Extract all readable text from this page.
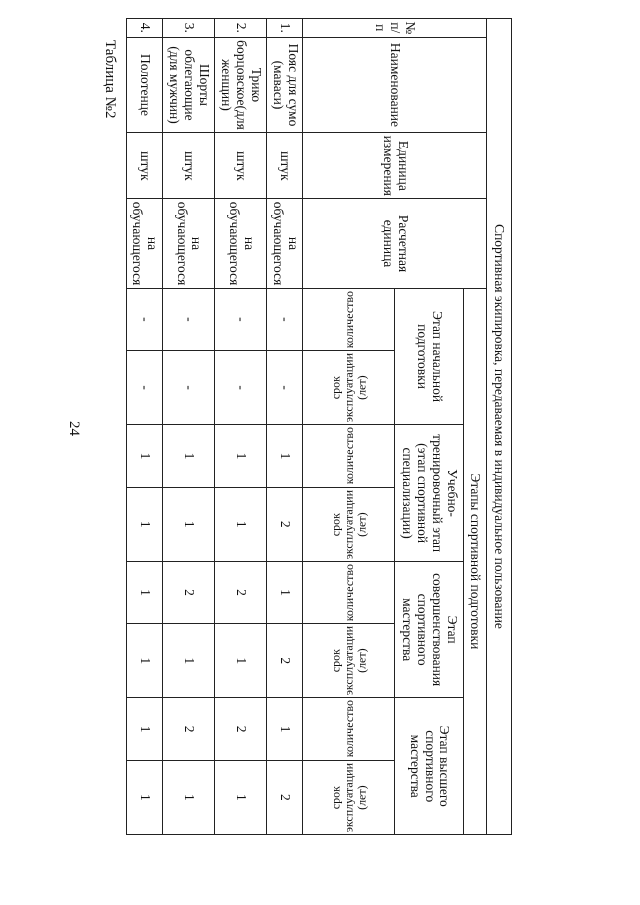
24
Таблица №2
Спортивная экипировка, передаваемая в индивидуальное пользование											
№ п/п	Наименование	Единица измерения	Расчетная единица	Этапы спортивной подготовки							
				Этап начальной подготовки		Учебно-тренировочный этап (этап спортивной специализации)		Этап совершенствования спортивного мастерства		Этап высшего спортивного мастерства	
				количество	срок эксплуатации (лет)	количество	срок эксплуатации (лет)	количество	срок эксплуатации (лет)	количество	срок эксплуатации (лет)
1.	Пояс для сумо (маваси)	штук	на обучающегося	-	-	1	2	1	2	1	2
2.	Трико борцовское(для женщин)	штук	на обучающегося	-	-	1	1	2	1	2	1
3.	Шорты облегающие (для мужчин)	штук	на обучающегося	-	-	1	1	2	1	2	1
4.	Полотенце	штук	на обучающегося	-	-	1	1	1	1	1	1
